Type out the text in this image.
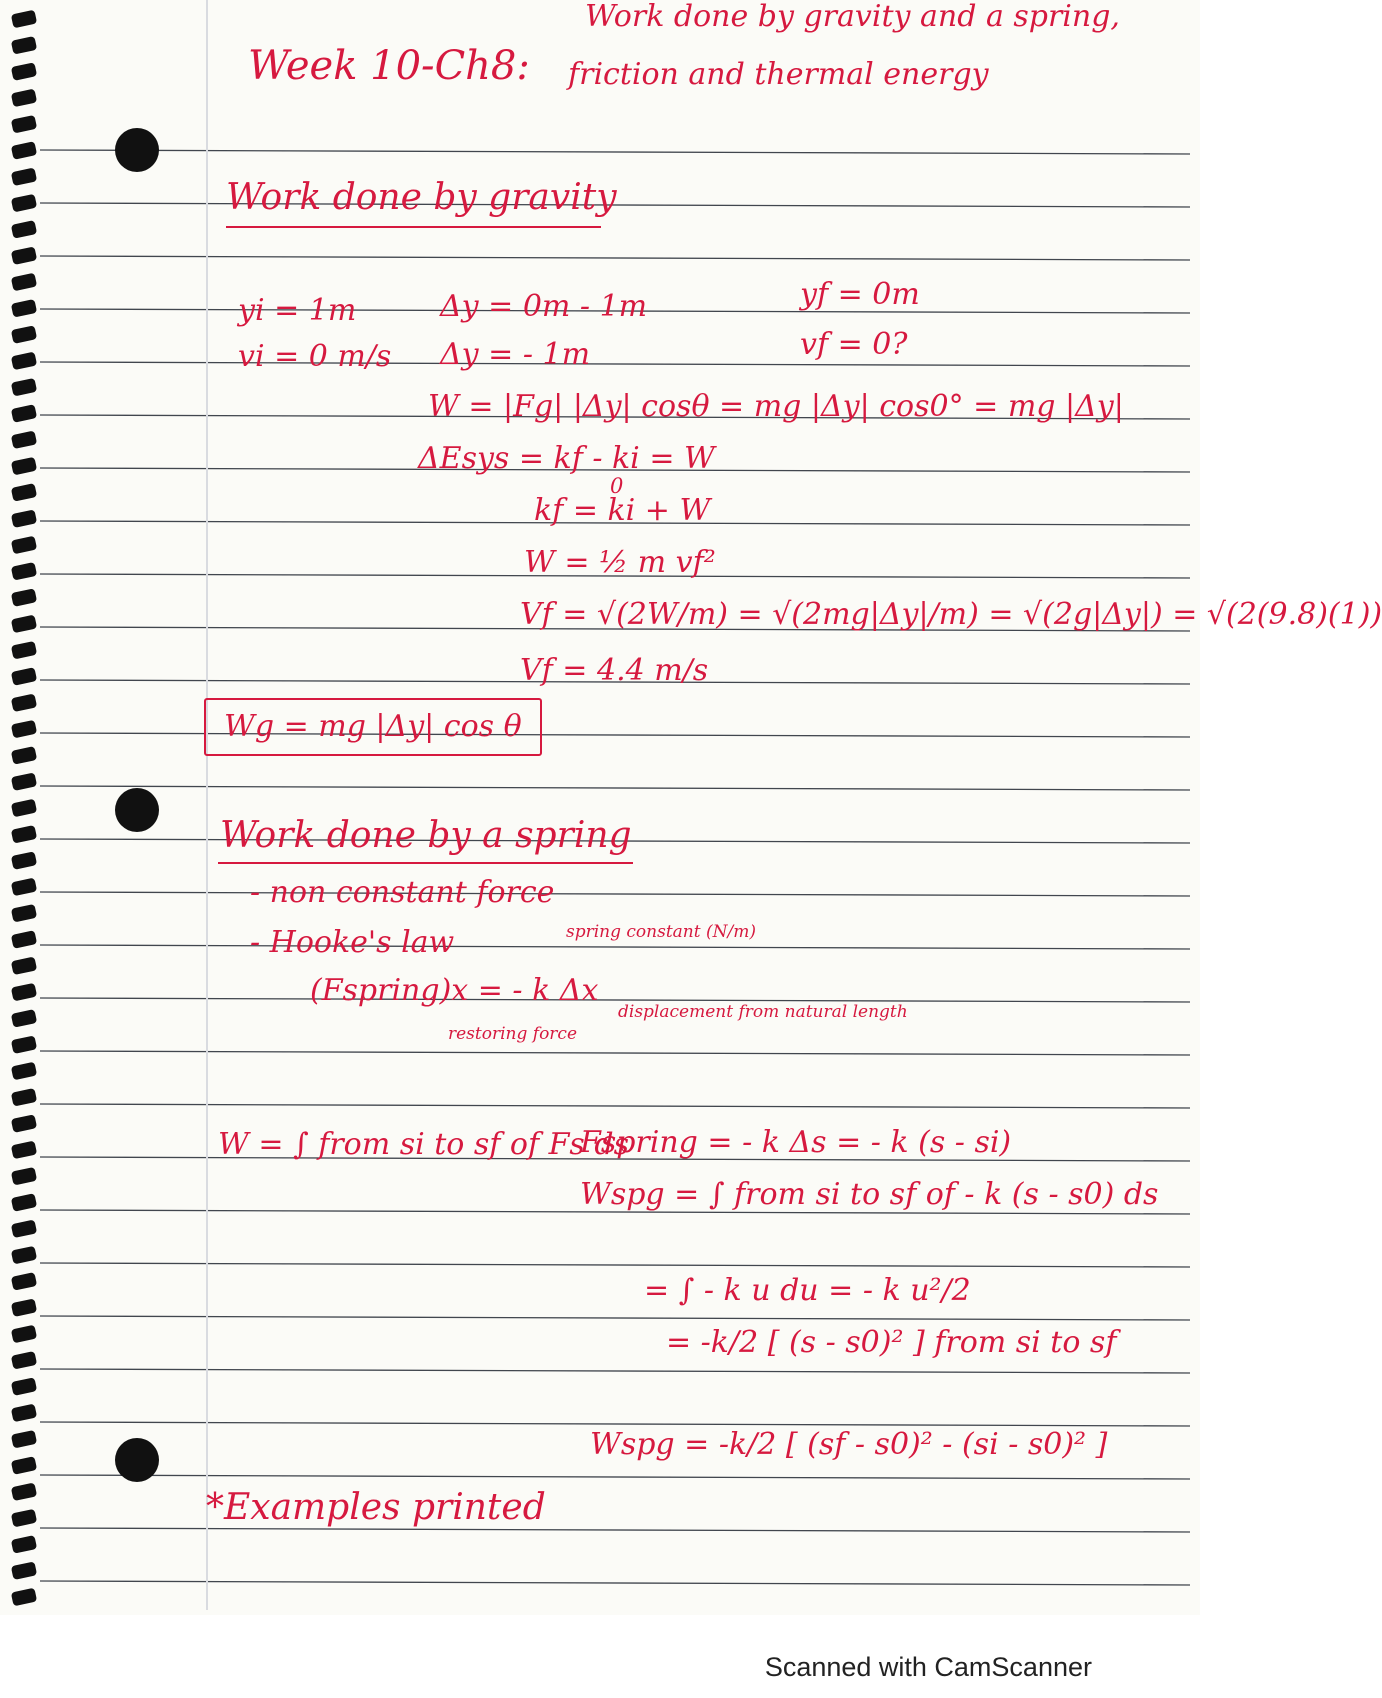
Week 10-Ch8:

Work done by gravity and a spring,

friction and thermal energy

Work done by gravity

yi = 1m

vi = 0 m/s

Δy = 0m - 1m

Δy = - 1m

yf = 0m

vf = 0?

W = |Fg| |Δy| cosθ = mg |Δy| cos0° = mg |Δy|

ΔEsys = kf - ki = W

kf = ki + W

0

W = ½ m vf²

Vf = √(2W/m) = √(2mg|Δy|/m) = √(2g|Δy|) = √(2(9.8)(1))

Vf = 4.4 m/s

Wg = mg |Δy| cos θ

Work done by a spring

- non constant force

- Hooke's law	spring constant (N/m)

(Fspring)x = - k Δx

restoring force

displacement from natural length

W = ∫ from si to sf of Fs ds

Fspring = - k Δs = - k (s - si)

Wspg = ∫ from si to sf of - k (s - s0) ds

= ∫ - k u du = - k u²/2

= -k/2 [ (s - s0)² ] from si to sf

Wspg = -k/2 [ (sf - s0)² - (si - s0)² ]

*Examples printed

Scanned with CamScanner
